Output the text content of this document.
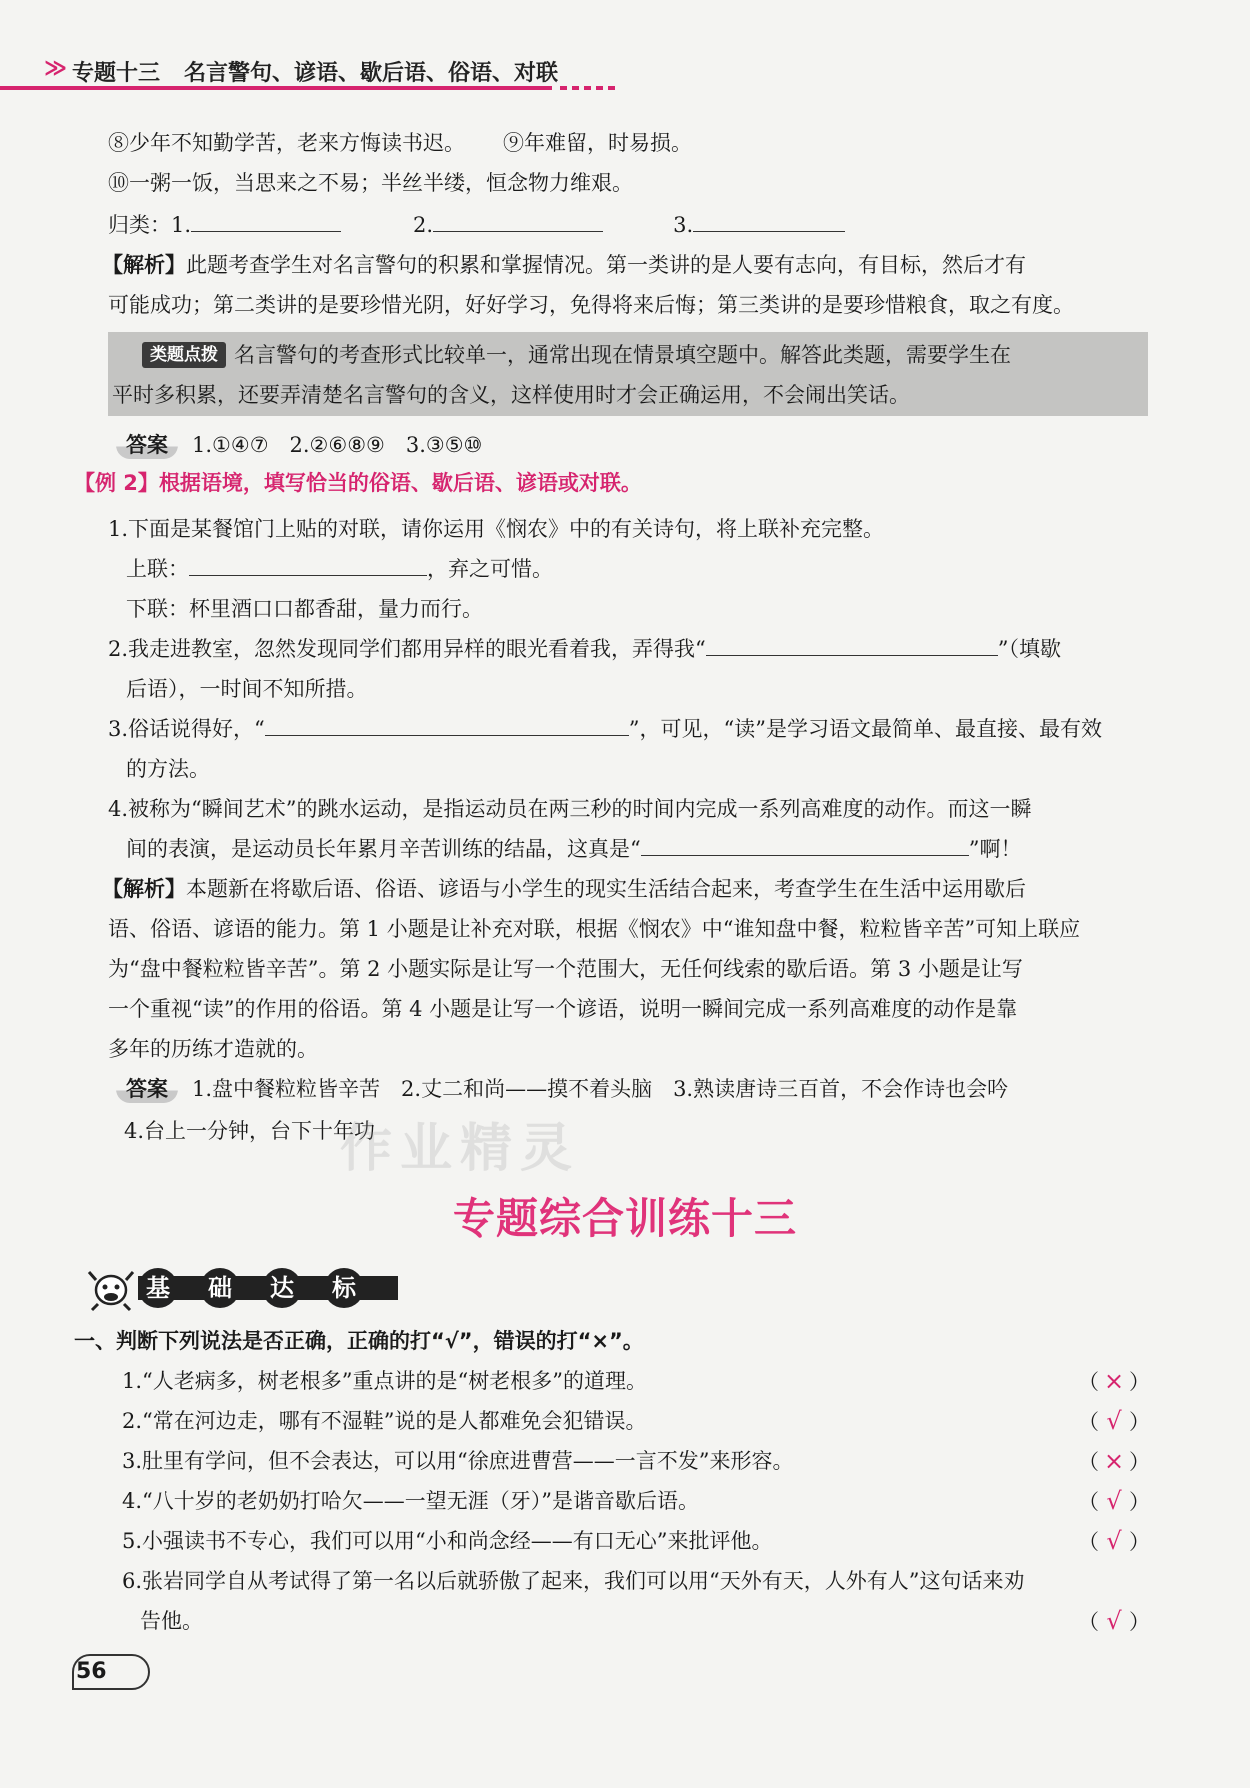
≫ 专题十三 名言警句、谚语、歇后语、俗语、对联
⑧少年不知勤学苦，老来方悔读书迟。 ⑨年难留，时易损。
⑩一粥一饭，当思来之不易；半丝半缕，恒念物力维艰。
归类：1.	2.	3.
【解析】此题考查学生对名言警句的积累和掌握情况。第一类讲的是人要有志向，有目标，然后才有
可能成功；第二类讲的是要珍惜光阴，好好学习，免得将来后悔；第三类讲的是要珍惜粮食，取之有度。
类题点拨 名言警句的考查形式比较单一，通常出现在情景填空题中。解答此类题，需要学生在
平时多积累，还要弄清楚名言警句的含义，这样使用时才会正确运用，不会闹出笑话。
答案 1.①④⑦　2.②⑥⑧⑨　3.③⑤⑩
【例 2】根据语境，填写恰当的俗语、歇后语、谚语或对联。
1.下面是某餐馆门上贴的对联，请你运用《悯农》中的有关诗句，将上联补充完整。
上联：	，弃之可惜。
下联：杯里酒口口都香甜，量力而行。
2.我走进教室，忽然发现同学们都用异样的眼光看着我，弄得我“	”（填歇
后语），一时间不知所措。
3.俗话说得好，“	”，可见，“读”是学习语文最简单、最直接、最有效
的方法。
4.被称为“瞬间艺术”的跳水运动，是指运动员在两三秒的时间内完成一系列高难度的动作。而这一瞬
间的表演，是运动员长年累月辛苦训练的结晶，这真是“	”啊！
【解析】本题新在将歇后语、俗语、谚语与小学生的现实生活结合起来，考查学生在生活中运用歇后
语、俗语、谚语的能力。第 1 小题是让补充对联，根据《悯农》中“谁知盘中餐，粒粒皆辛苦”可知上联应
为“盘中餐粒粒皆辛苦”。第 2 小题实际是让写一个范围大，无任何线索的歇后语。第 3 小题是让写
一个重视“读”的作用的俗语。第 4 小题是让写一个谚语，说明一瞬间完成一系列高难度的动作是靠
多年的历练才造就的。
答案 1.盘中餐粒粒皆辛苦　2.丈二和尚——摸不着头脑　3.熟读唐诗三百首，不会作诗也会吟
4.台上一分钟，台下十年功
作业精灵
专题综合训练十三
基	础	达	标
一、判断下列说法是否正确，正确的打“√”，错误的打“×”。
1.“人老病多，树老根多”重点讲的是“树老根多”的道理。	（ × ）
2.“常在河边走，哪有不湿鞋”说的是人都难免会犯错误。	（ √ ）
3.肚里有学问，但不会表达，可以用“徐庶进曹营——一言不发”来形容。	（ × ）
4.“八十岁的老奶奶打哈欠——一望无涯（牙）”是谐音歇后语。	（ √ ）
5.小强读书不专心，我们可以用“小和尚念经——有口无心”来批评他。	（ √ ）
6.张岩同学自从考试得了第一名以后就骄傲了起来，我们可以用“天外有天，人外有人”这句话来劝
告他。	（ √ ）
56
